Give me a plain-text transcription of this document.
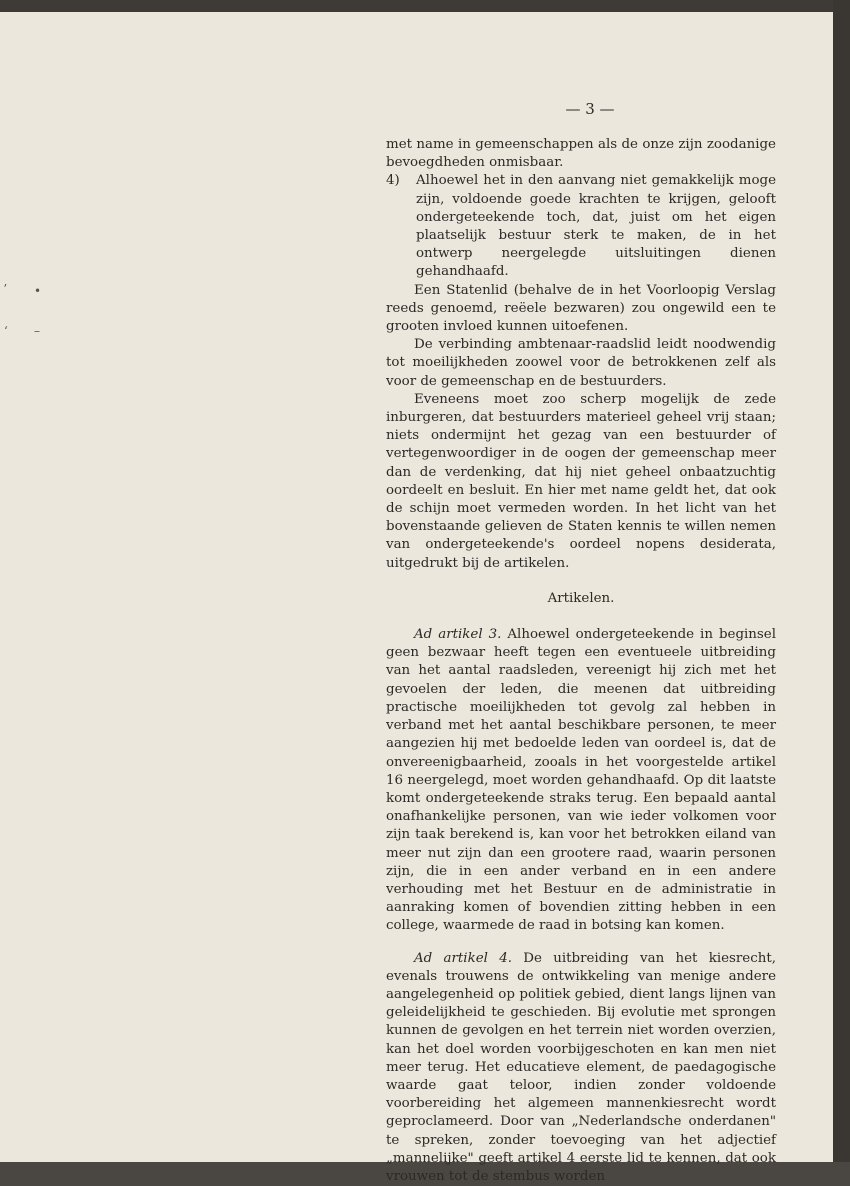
ʼ •
ʻ –
— 3 —

met name in gemeenschappen als de onze zijn zoodanige bevoegdheden onmisbaar.

4) Alhoewel het in den aanvang niet gemakkelijk moge zijn, voldoende goede krachten te krijgen, gelooft ondergeteekende toch, dat, juist om het eigen plaatselijk bestuur sterk te maken, de in het ontwerp neergelegde uitsluitingen dienen gehandhaafd.

Een Statenlid (behalve de in het Voorloopig Verslag reeds genoemd, reëele bezwaren) zou ongewild een te grooten invloed kunnen uitoefenen.

De verbinding ambtenaar-raadslid leidt noodwendig tot moeilijkheden zoowel voor de betrokkenen zelf als voor de gemeenschap en de bestuurders.

Eveneens moet zoo scherp mogelijk de zede inburgeren, dat bestuurders materieel geheel vrij staan; niets ondermijnt het gezag van een bestuurder of vertegenwoordiger in de oogen der gemeenschap meer dan de verdenking, dat hij niet geheel onbaatzuchtig oordeelt en besluit. En hier met name geldt het, dat ook de schijn moet vermeden worden. In het licht van het bovenstaande gelieven de Staten kennis te willen nemen van ondergeteekende's oordeel nopens desiderata, uitgedrukt bij de artikelen.

Artikelen.

Ad artikel 3. Alhoewel ondergeteekende in beginsel geen bezwaar heeft tegen een eventueele uitbreiding van het aantal raadsleden, vereenigt hij zich met het gevoelen der leden, die meenen dat uitbreiding practische moeilijkheden tot gevolg zal hebben in verband met het aantal beschikbare personen, te meer aangezien hij met bedoelde leden van oordeel is, dat de onvereenigbaarheid, zooals in het voorgestelde artikel 16 neergelegd, moet worden gehandhaafd. Op dit laatste komt ondergeteekende straks terug. Een bepaald aantal onafhankelijke personen, van wie ieder volkomen voor zijn taak berekend is, kan voor het betrokken eiland van meer nut zijn dan een grootere raad, waarin personen zijn, die in een ander verband en in een andere verhouding met het Bestuur en de administratie in aanraking komen of bovendien zitting hebben in een college, waarmede de raad in botsing kan komen.

Ad artikel 4. De uitbreiding van het kiesrecht, evenals trouwens de ontwikkeling van menige andere aangelegenheid op politiek gebied, dient langs lijnen van geleidelijkheid te geschieden. Bij evolutie met sprongen kunnen de gevolgen en het terrein niet worden overzien, kan het doel worden voorbijgeschoten en kan men niet meer terug. Het educatieve element, de paedagogische waarde gaat teloor, indien zonder voldoende voorbereiding het algemeen mannenkiesrecht wordt geproclameerd. Door van „Nederlandsche onderdanen" te spreken, zonder toevoeging van het adjectief „mannelijke" geeft artikel 4 eerste lid te kennen, dat ook vrouwen tot de stembus worden
